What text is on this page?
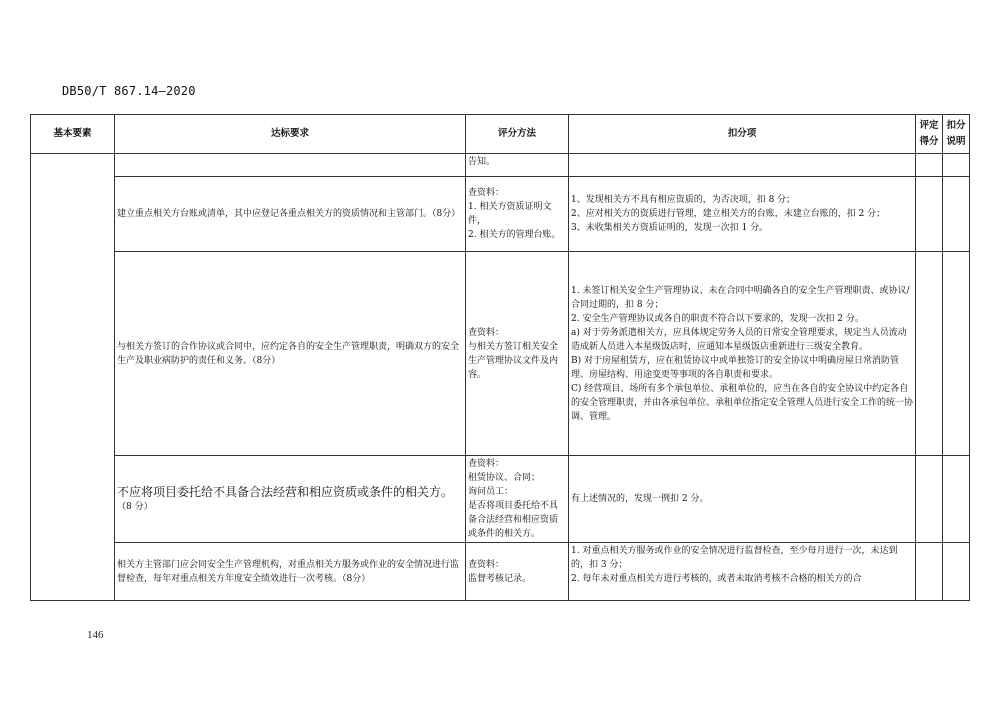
DB50/T 867.14—2020
基本要素	达标要求	评分方法	扣分项	评定得分	扣分说明

		告知。			

	建立重点相关方台账或清单，其中应登记各重点相关方的资质情况和主管部门。（8分）	查资料：
1. 相关方资质证明文件，
2. 相关方的管理台账。	1、发现相关方不具有相应资质的，为否决项，扣 8 分；
2、应对相关方的资质进行管理，建立相关方的台账，未建立台账的，扣 2 分；
3、未收集相关方资质证明的，发现一次扣 1 分。		

	与相关方签订的合作协议或合同中，应约定各自的安全生产管理职责，明确双方的安全生产及职业病防护的责任和义务。（8分）	查资料：
与相关方签订相关安全生产管理协议文件及内容。	1. 未签订相关安全生产管理协议、未在合同中明确各自的安全生产管理职责、或协议/合同过期的，扣 8 分；
2. 安全生产管理协议或各自的职责不符合以下要求的，发现一次扣 2 分。
a) 对于劳务派遣相关方，应具体规定劳务人员的日常安全管理要求，规定当人员流动造成新人员进入本星级饭店时，应通知本星级饭店重新进行三级安全教育。
B) 对于房屋租赁方，应在租赁协议中或单独签订的安全协议中明确房屋日常消防管理、房屋结构、用途变更等事项的各自职责和要求。
C) 经营项目、场所有多个承包单位、承租单位的，应当在各自的安全协议中约定各自的安全管理职责，并由各承包单位、承租单位指定安全管理人员进行安全工作的统一协调、管理。		

	不应将项目委托给不具备合法经营和相应资质或条件的相关方。
（8 分）	查资料：
租赁协议、合同；
询问员工：
是否将项目委托给不具备合法经营和相应资质或条件的相关方。	有上述情况的，发现一例扣 2 分。		

	相关方主管部门应会同安全生产管理机构，对重点相关方服务或作业的安全情况进行监督检查，每年对重点相关方年度安全绩效进行一次考核。（8分）	查资料：
监督考核记录。	1. 对重点相关方服务或作业的安全情况进行监督检查，至少每月进行一次，未达到的，扣 3 分；
2. 每年未对重点相关方进行考核的，或者未取消考核不合格的相关方的合		

146
